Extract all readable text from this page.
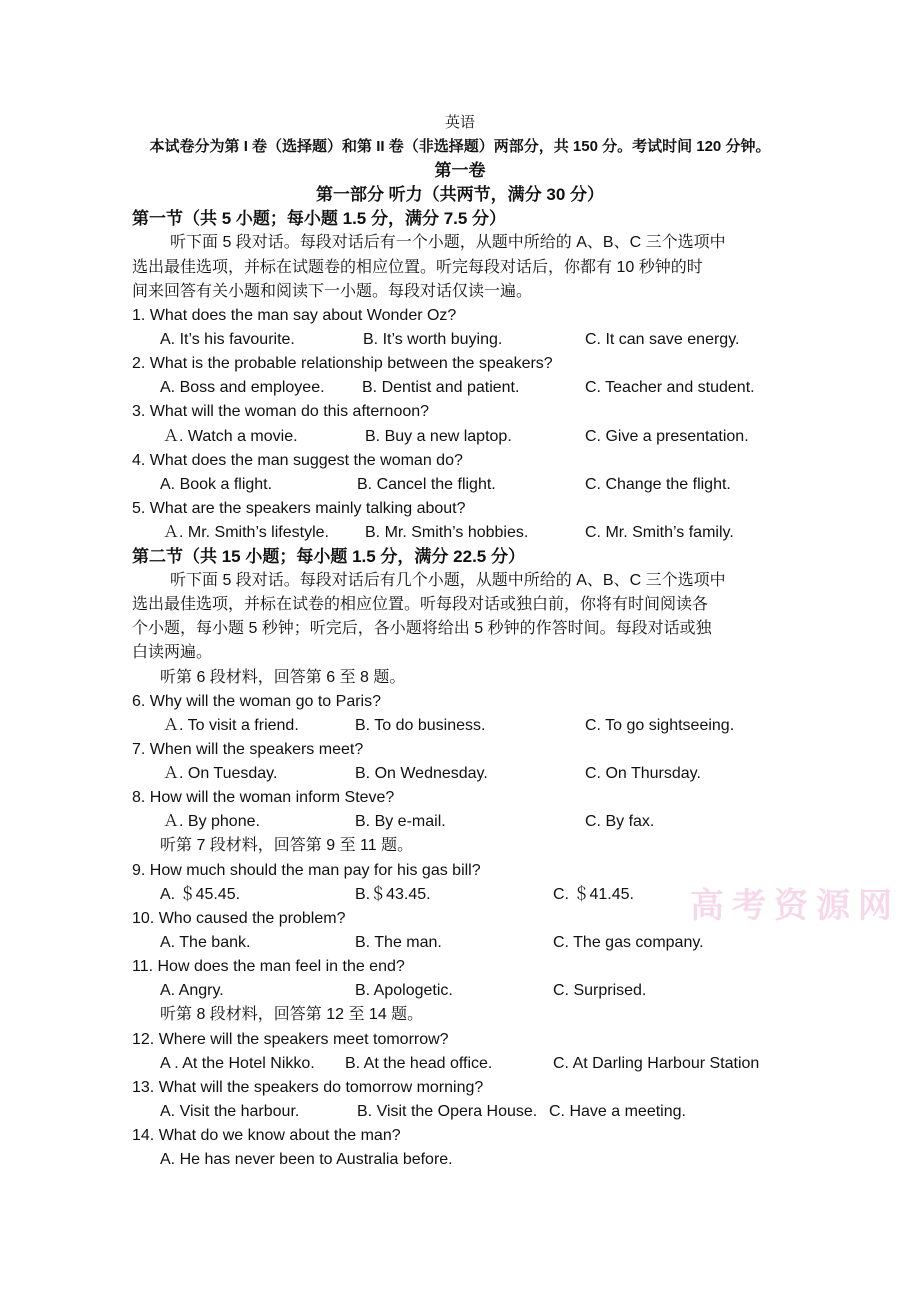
英语
本试卷分为第 I 卷（选择题）和第 II 卷（非选择题）两部分，共 150 分。考试时间 120 分钟。
第一卷
第一部分 听力（共两节，满分 30 分）
第一节（共 5 小题；每小题 1.5 分，满分 7.5 分）
听下面 5 段对话。每段对话后有一个小题，从题中所给的 A、B、C 三个选项中
选出最佳选项，并标在试题卷的相应位置。听完每段对话后，你都有 10 秒钟的时
间来回答有关小题和阅读下一小题。每段对话仅读一遍。
1. What does the man say about Wonder Oz?
A. It’s his favourite.	B. It’s worth buying.	C. It can save energy.
2. What is the probable relationship between the speakers?
A. Boss and employee. B. Dentist and patient.	C. Teacher and student.
3. What will the woman do this afternoon?
Ａ. Watch a movie.	B. Buy a new laptop.	C. Give a presentation.
4. What does the man suggest the woman do?
A. Book a flight.	B. Cancel the flight.	C. Change the flight.
5. What are the speakers mainly talking about?
Ａ. Mr. Smith’s lifestyle. B. Mr. Smith’s hobbies.	C. Mr. Smith’s family.
第二节（共 15 小题；每小题 1.5 分，满分 22.5 分）
听下面 5 段对话。每段对话后有几个小题，从题中所给的 A、B、C 三个选项中
选出最佳选项，并标在试卷的相应位置。听每段对话或独白前，你将有时间阅读各
个小题，每小题 5 秒钟；听完后，各小题将给出 5 秒钟的作答时间。每段对话或独
白读两遍。
听第 6 段材料，回答第 6 至 8 题。
6. Why will the woman go to Paris?
Ａ. To visit a friend.	B. To do business.	C. To go sightseeing.
7. When will the speakers meet?
Ａ. On Tuesday.	B. On Wednesday.	C. On Thursday.
8. How will the woman inform Steve?
Ａ. By phone.	B. By e-mail.	C. By fax.
听第 7 段材料，回答第 9 至 11 题。
9. How much should the man pay for his gas bill?
A. ＄45.45.	B.＄43.45.	C. ＄41.45.
10. Who caused the problem?
A. The bank.	B. The man.	C. The gas company.
11. How does the man feel in the end?
A. Angry.	B. Apologetic.	C. Surprised.
听第 8 段材料，回答第 12 至 14 题。
12. Where will the speakers meet tomorrow?
A . At the Hotel Nikko. B. At the head office.	C. At Darling Harbour Station
13. What will the speakers do tomorrow morning?
A. Visit the harbour.	B. Visit the Opera House. C. Have a meeting.
14. What do we know about the man?
A. He has never been to Australia before.
高考资源网
